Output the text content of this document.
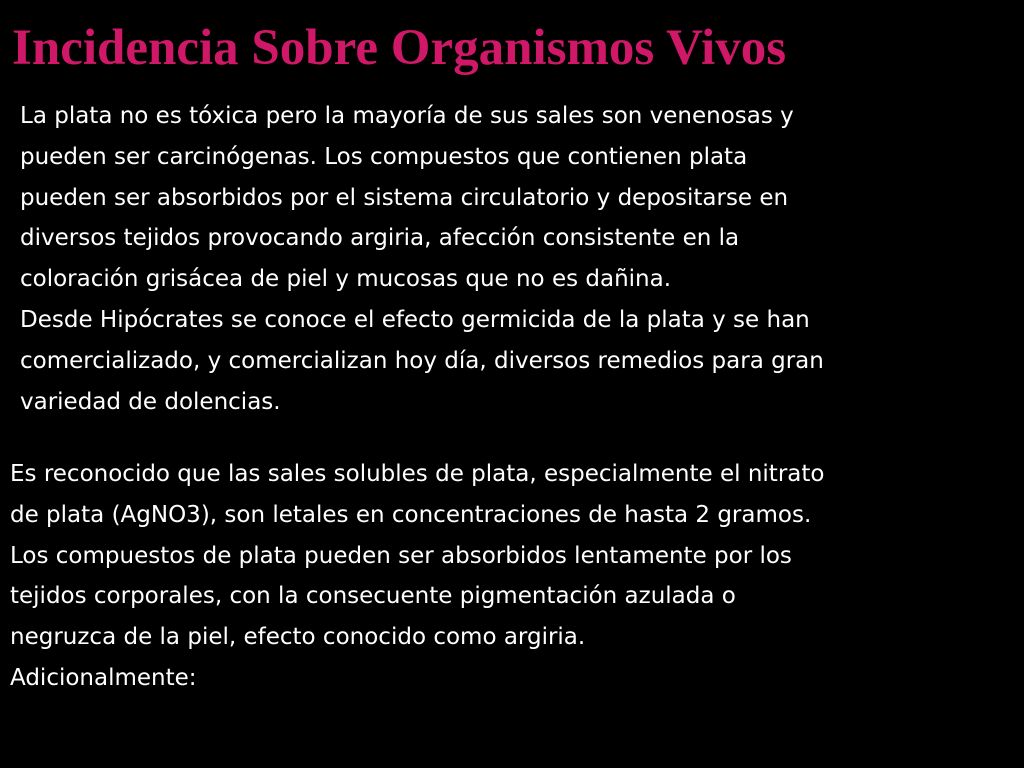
Incidencia Sobre Organismos Vivos
La plata no es tóxica pero la mayoría de sus sales son venenosas y
pueden ser carcinógenas. Los compuestos que contienen plata
pueden ser absorbidos por el sistema circulatorio y depositarse en
diversos tejidos provocando argiria, afección consistente en la
coloración grisácea de piel y mucosas que no es dañina.
Desde Hipócrates se conoce el efecto germicida de la plata y se han
comercializado, y comercializan hoy día, diversos remedios para gran
variedad de dolencias.
Es reconocido que las sales solubles de plata, especialmente el nitrato
de plata (AgNO3), son letales en concentraciones de hasta 2 gramos.
Los compuestos de plata pueden ser absorbidos lentamente por los
tejidos corporales, con la consecuente pigmentación azulada o
negruzca de la piel, efecto conocido como argiria.
Adicionalmente:
